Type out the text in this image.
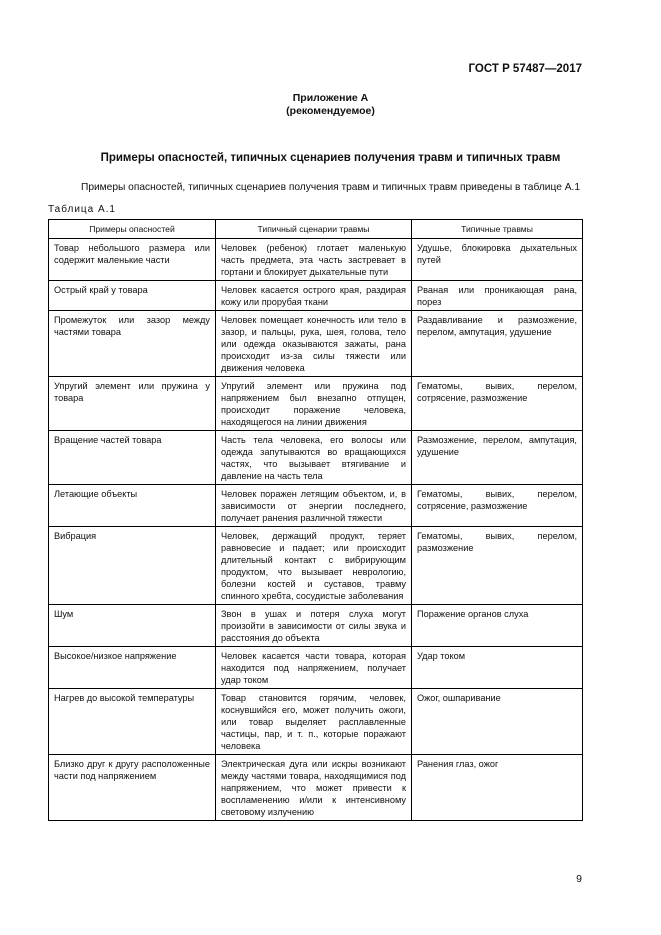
ГОСТ Р 57487—2017
Приложение А
(рекомендуемое)
Примеры опасностей, типичных сценариев получения травм и типичных травм
Примеры опасностей, типичных сценариев получения травм и типичных травм приведены в таблице А.1
Таблица А.1
Примеры опасностей	Типичный сценарии травмы	Типичные травмы
Товар небольшого размера или содержит маленькие части	Человек (ребенок) глотает маленькую часть предмета, эта часть застревает в гортани и блокирует дыхательные пути	Удушье, блокировка дыхательных путей
Острый край у товара	Человек касается острого края, раздирая кожу или прорубая ткани	Рваная или проникающая рана, порез
Промежуток или зазор между частями товара	Человек помещает конечность или тело в зазор, и пальцы, рука, шея, голова, тело или одежда оказываются зажаты, рана происходит из-за силы тяжести или движения человека	Раздавливание и размозжение, перелом, ампутация, удушение
Упругий элемент или пружина у товара	Упругий элемент или пружина под напряжением был внезапно отпущен, происходит поражение человека, находящегося на линии движения	Гематомы, вывих, перелом, сотрясение, размозжение
Вращение частей товара	Часть тела человека, его волосы или одежда запутываются во вращающихся частях, что вызывает втягивание и давление на часть тела	Размозжение, перелом, ампутация, удушение
Летающие объекты	Человек поражен летящим объектом, и, в зависимости от энергии последнего, получает ранения различной тяжести	Гематомы, вывих, перелом, сотрясение, размозжение
Вибрация	Человек, держащий продукт, теряет равновесие и падает; или происходит длительный контакт с вибрирующим продуктом, что вызывает неврологию, болезни костей и суставов, травму спинного хребта, сосудистые заболевания	Гематомы, вывих, перелом, размозжение
Шум	Звон в ушах и потеря слуха могут произойти в зависимости от силы звука и расстояния до объекта	Поражение органов слуха
Высокое/низкое напряжение	Человек касается части товара, которая находится под напряжением, получает удар током	Удар током
Нагрев до высокой температуры	Товар становится горячим, человек, коснувшийся его, может получить ожоги, или товар выделяет расплавленные частицы, пар, и т. п., которые поражают человека	Ожог, ошпаривание
Близко друг к другу расположенные части под напряжением	Электрическая дуга или искры возникают между частями товара, находящимися под напряжением, что может привести к воспламенению и/или к интенсивному световому излучению	Ранения глаз, ожог
9
